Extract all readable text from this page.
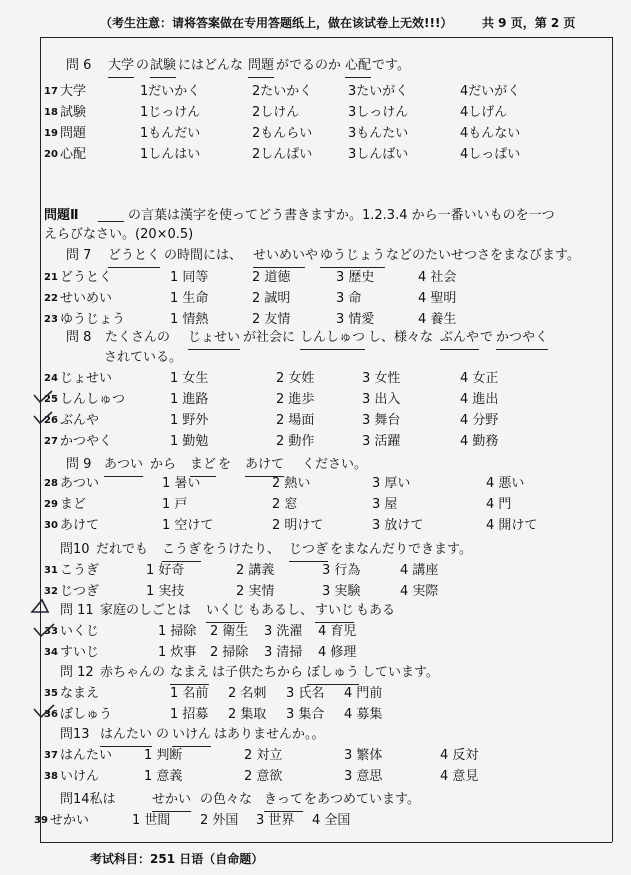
（考生注意：请将答案做在专用答题纸上，做在该试卷上无效!!!） 共 9 页，第 2 页
問 6 大学 の 試験 にはどんな 問題 がでるのか 心配 です。
17 大学	1だいかく	2たいかく	3たいがく	4だいがく
18 試験	1じっけん	2しけん	3しっけん	4しげん
19 問題	1もんだい	2もんらい	3もんたい	4もんない
20 心配	1しんはい	2しんぱい	3しんばい	4しっぱい
問題Ⅱ ____ の言葉は漢字を使ってどう書きますか。1.2.3.4 から一番いいものを一つ
えらびなさい。(20×0.5)
問 7 どうとく の時間には、 せいめい や ゆうじょう などのたいせつさをまなびます。
21 どうとく	1 同等	2 道徳	3 歴史	4 社会
22 せいめい	1 生命	2 誠明	3 命	4 聖明
23 ゆうじょう	1 情熱	2 友情	3 情愛	4 養生
問 8 たくさんの じょせい が社会に しんしゅつ し、様々な ぶんや で かつやく
されている。
24 じょせい	1 女生	2 女姓	3 女性	4 女正
25 しんしゅつ	1 進路	2 進歩	3 出入	4 進出
26 ぶんや	1 野外	2 場面	3 舞台	4 分野
27 かつやく	1 勤勉	2 動作	3 活躍	4 勤務
問 9 あつい から まど を あけて ください。
28 あつい	1 暑い	2 熱い	3 厚い	4 悪い
29 まど	1 戸	2 窓	3 屋	4 門
30 あけて	1 空けて	2 明けて	3 放けて	4 開けて
問10 だれでも こうぎ をうけたり、 じつぎ をまなんだりできます。
31 こうぎ	1 好奇	2 講義	3 行為	4 講座
32 じつぎ	1 実技	2 実情	3 実験	4 実際
問 11 家庭のしごとは いくじ もあるし、 すいじ もある
33 いくじ	1 掃除 2 衛生 3 洗濯 4 育児
34 すいじ	1 炊事 2 掃除 3 清掃 4 修理
問 12 赤ちゃんの なまえ は子供たちから ぼしゅう しています。
35 なまえ	1 名前 2 名刺 3 氏名 4 門前
36 ぼしゅう	1 招募 2 集取 3 集合 4 募集
問13 はんたい の いけん はありませんか。。
37 はんたい 1 判断	2 対立	3 繁体	4 反対
38 いけん	1 意義	2 意欲	3 意思	4 意見
問14私は	せかい の色々な きって をあつめています。
39 せかい	1 世間 2 外国 3 世界 4 全国
考试科目：251 日语（自命题）
